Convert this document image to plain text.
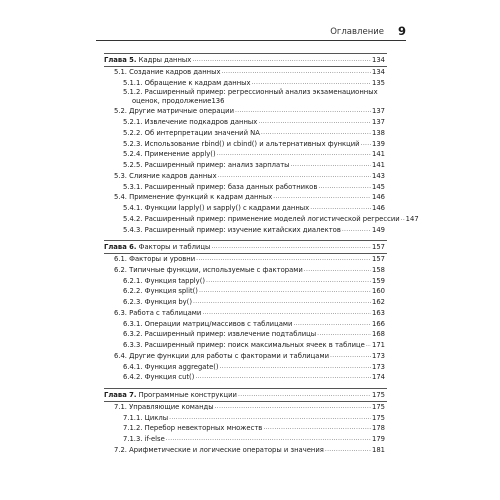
Оглавление 9
Глава 5. Кадры данных .....	134
5.1. Создание кадров данных .....	134
5.1.1. Обращение к кадрам данных .....	135
5.1.2. Расширенный пример: регрессионный анализ экзаменационных
оценок, продолжение 136
5.2. Другие матричные операции .....	137
5.2.1. Извлечение подкадров данных .....	137
5.2.2. Об интерпретации значений NA .....	138
5.2.3. Использование rbind() и cbind() и альтернативных функций ..... 139
5.2.4. Применение apply() .....	141
5.2.5. Расширенный пример: анализ зарплаты .....	141
5.3. Слияние кадров данных .....	143
5.3.1. Расширенный пример: база данных работников .....	145
5.4. Применение функций к кадрам данных .....	146
5.4.1. Функции lapply() и sapply() с кадрами данных .....	146
5.4.2. Расширенный пример: применение моделей логистической регрессии ..... 147
5.4.3. Расширенный пример: изучение китайских диалектов .....	149
Глава 6. Факторы и таблицы .....	157
6.1. Факторы и уровни .....	157
6.2. Типичные функции, используемые с факторами .....	158
6.2.1. Функция tapply() .....	159
6.2.2. Функция split() .....	160
6.2.3. Функция by() .....	162
6.3. Работа с таблицами .....	163
6.3.1. Операции матриц/массивов с таблицами .....	166
6.3.2. Расширенный пример: извлечение подтаблицы .....	168
6.3.3. Расширенный пример: поиск максимальных ячеек в таблице ..... 171
6.4. Другие функции для работы с факторами и таблицами .....	173
6.4.1. Функция aggregate() .....	173
6.4.2. Функция cut() .....	174
Глава 7. Программные конструкции .....	175
7.1. Управляющие команды .....	175
7.1.1. Циклы .....	175
7.1.2. Перебор невекторных множеств .....	178
7.1.3. if-else .....	179
7.2. Арифметические и логические операторы и значения .....	181
